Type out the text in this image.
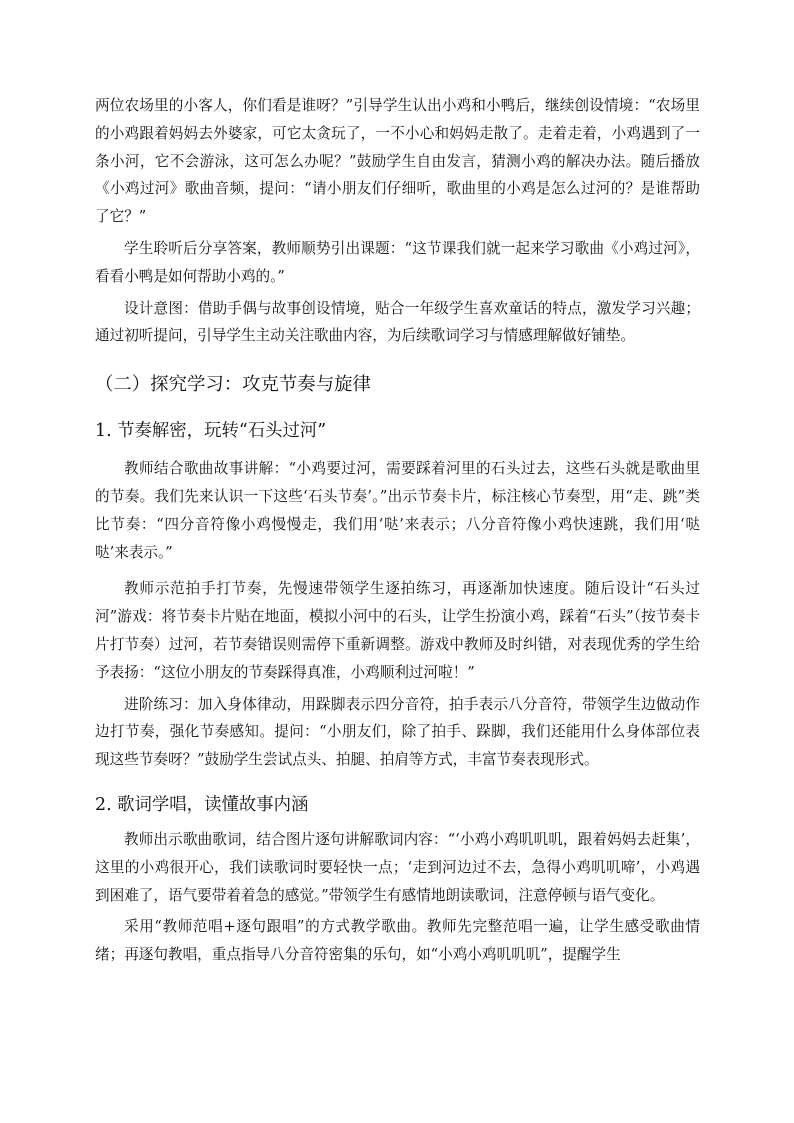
两位农场里的小客人，你们看是谁呀？”引导学生认出小鸡和小鸭后，继续创设情境：“农场里的小鸡跟着妈妈去外婆家，可它太贪玩了，一不小心和妈妈走散了。走着走着，小鸡遇到了一条小河，它不会游泳，这可怎么办呢？”鼓励学生自由发言，猜测小鸡的解决办法。随后播放《小鸡过河》歌曲音频，提问：“请小朋友们仔细听，歌曲里的小鸡是怎么过河的？是谁帮助了它？”

学生聆听后分享答案，教师顺势引出课题：“这节课我们就一起来学习歌曲《小鸡过河》，看看小鸭是如何帮助小鸡的。”

设计意图：借助手偶与故事创设情境，贴合一年级学生喜欢童话的特点，激发学习兴趣；通过初听提问，引导学生主动关注歌曲内容，为后续歌词学习与情感理解做好铺垫。

（二）探究学习：攻克节奏与旋律
1. 节奏解密，玩转“石头过河”

教师结合歌曲故事讲解：“小鸡要过河，需要踩着河里的石头过去，这些石头就是歌曲里的节奏。我们先来认识一下这些‘石头节奏’。”出示节奏卡片，标注核心节奏型，用“走、跳”类比节奏：“四分音符像小鸡慢慢走，我们用‘哒’来表示；八分音符像小鸡快速跳，我们用‘哒哒’来表示。”

教师示范拍手打节奏，先慢速带领学生逐拍练习，再逐渐加快速度。随后设计“石头过河”游戏：将节奏卡片贴在地面，模拟小河中的石头，让学生扮演小鸡，踩着“石头”（按节奏卡片打节奏）过河，若节奏错误则需停下重新调整。游戏中教师及时纠错，对表现优秀的学生给予表扬：“这位小朋友的节奏踩得真准，小鸡顺利过河啦！”

进阶练习：加入身体律动，用跺脚表示四分音符，拍手表示八分音符，带领学生边做动作边打节奏，强化节奏感知。提问：“小朋友们，除了拍手、跺脚，我们还能用什么身体部位表现这些节奏呀？”鼓励学生尝试点头、拍腿、拍肩等方式，丰富节奏表现形式。

2. 歌词学唱，读懂故事内涵

教师出示歌曲歌词，结合图片逐句讲解歌词内容：“‘小鸡小鸡叽叽叽，跟着妈妈去赶集’，这里的小鸡很开心，我们读歌词时要轻快一点；‘走到河边过不去，急得小鸡叽叽啼’，小鸡遇到困难了，语气要带着着急的感觉。”带领学生有感情地朗读歌词，注意停顿与语气变化。

采用“教师范唱+逐句跟唱”的方式教学歌曲。教师先完整范唱一遍，让学生感受歌曲情绪；再逐句教唱，重点指导八分音符密集的乐句，如“小鸡小鸡叽叽叽”，提醒学生
